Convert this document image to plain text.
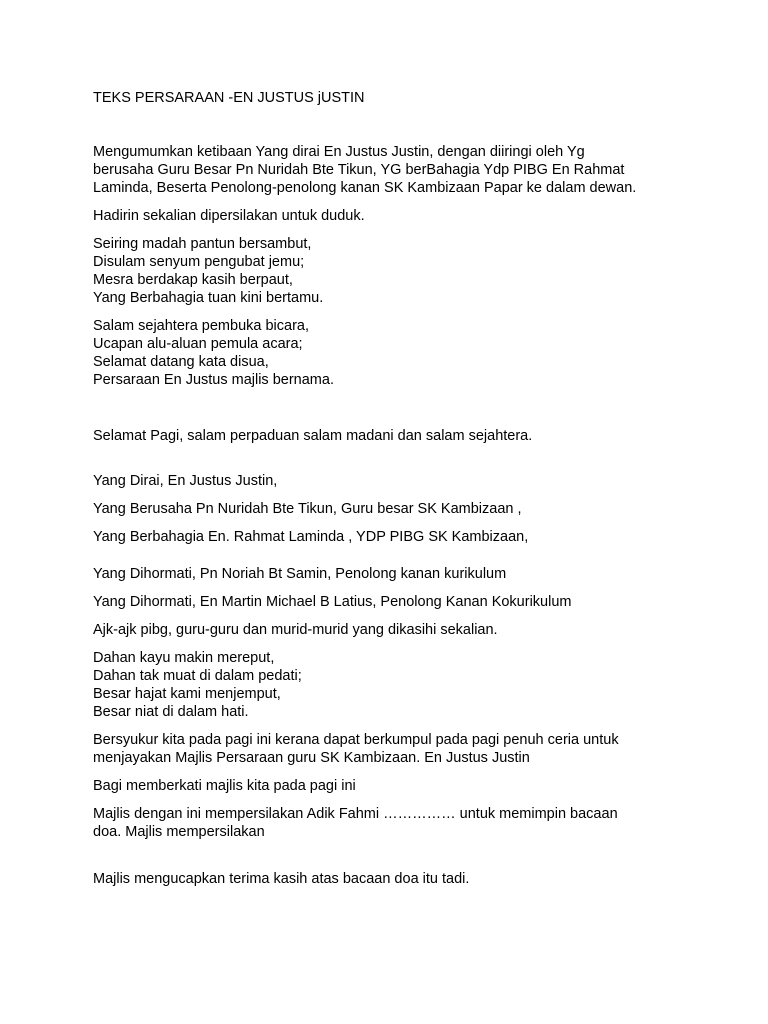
TEKS PERSARAAN -EN JUSTUS jUSTIN

Mengumumkan ketibaan Yang dirai En Justus Justin, dengan diiringi oleh Yg
berusaha Guru Besar Pn Nuridah Bte Tikun, YG berBahagia Ydp PIBG En Rahmat
Laminda, Beserta Penolong-penolong kanan SK Kambizaan Papar ke dalam dewan.

Hadirin sekalian dipersilakan untuk duduk.

Seiring madah pantun bersambut,
Disulam senyum pengubat jemu;
Mesra berdakap kasih berpaut,
Yang Berbahagia tuan kini bertamu.

Salam sejahtera pembuka bicara,
Ucapan alu-aluan pemula acara;
Selamat datang kata disua,
Persaraan En Justus majlis bernama.

Selamat Pagi, salam perpaduan salam madani dan salam sejahtera.

Yang Dirai, En Justus Justin,

Yang Berusaha Pn Nuridah Bte Tikun, Guru besar SK Kambizaan ,

Yang Berbahagia En. Rahmat Laminda , YDP PIBG SK Kambizaan,

Yang Dihormati, Pn Noriah Bt Samin, Penolong kanan kurikulum

Yang Dihormati, En Martin Michael B Latius, Penolong Kanan Kokurikulum

Ajk-ajk pibg, guru-guru dan murid-murid yang dikasihi sekalian.

Dahan kayu makin mereput,
Dahan tak muat di dalam pedati;
Besar hajat kami menjemput,
Besar niat di dalam hati.

Bersyukur kita pada pagi ini kerana dapat berkumpul pada pagi penuh ceria untuk
menjayakan Majlis Persaraan guru SK Kambizaan. En Justus Justin

Bagi memberkati majlis kita pada pagi ini

Majlis dengan ini mempersilakan Adik Fahmi …………… untuk memimpin bacaan
doa. Majlis mempersilakan

Majlis mengucapkan terima kasih atas bacaan doa itu tadi.
